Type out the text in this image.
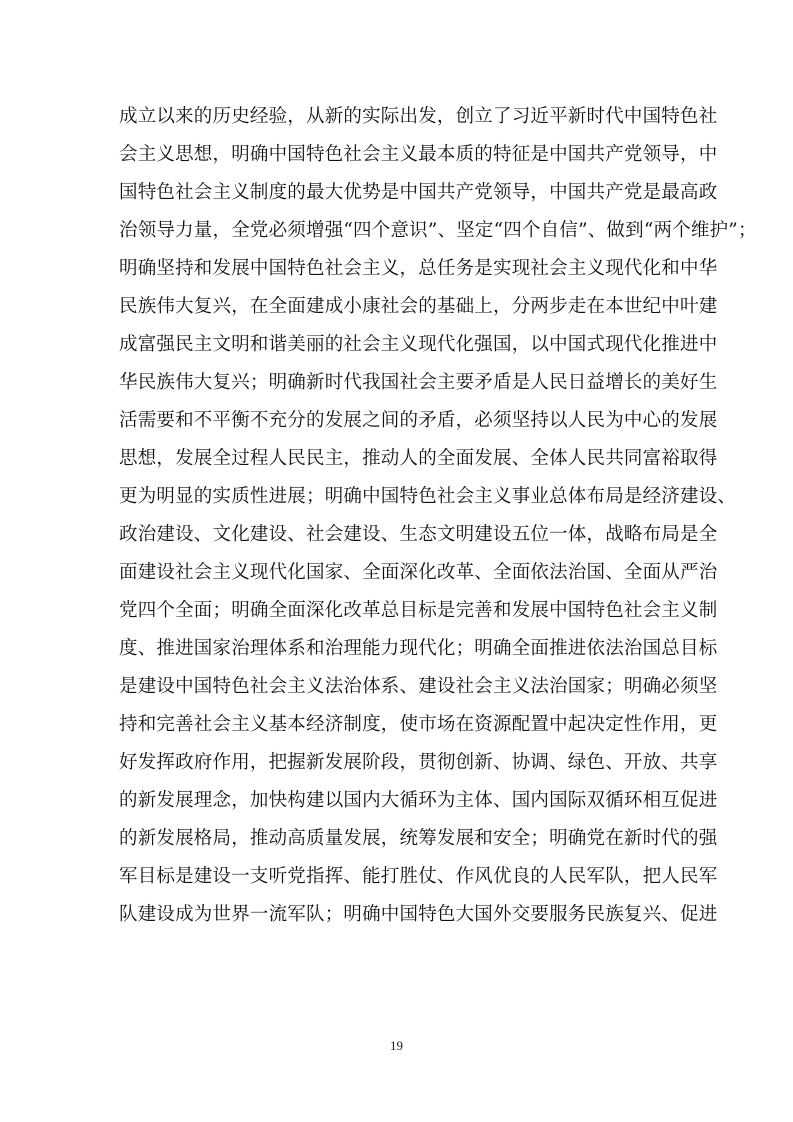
成立以来的历史经验，从新的实际出发，创立了习近平新时代中国特色社
会主义思想，明确中国特色社会主义最本质的特征是中国共产党领导，中
国特色社会主义制度的最大优势是中国共产党领导，中国共产党是最高政
治领导力量，全党必须增强“四个意识”、坚定“四个自信”、做到“两个维护”；
明确坚持和发展中国特色社会主义，总任务是实现社会主义现代化和中华
民族伟大复兴，在全面建成小康社会的基础上，分两步走在本世纪中叶建
成富强民主文明和谐美丽的社会主义现代化强国，以中国式现代化推进中
华民族伟大复兴；明确新时代我国社会主要矛盾是人民日益增长的美好生
活需要和不平衡不充分的发展之间的矛盾，必须坚持以人民为中心的发展
思想，发展全过程人民民主，推动人的全面发展、全体人民共同富裕取得
更为明显的实质性进展；明确中国特色社会主义事业总体布局是经济建设、
政治建设、文化建设、社会建设、生态文明建设五位一体，战略布局是全
面建设社会主义现代化国家、全面深化改革、全面依法治国、全面从严治
党四个全面；明确全面深化改革总目标是完善和发展中国特色社会主义制
度、推进国家治理体系和治理能力现代化；明确全面推进依法治国总目标
是建设中国特色社会主义法治体系、建设社会主义法治国家；明确必须坚
持和完善社会主义基本经济制度，使市场在资源配置中起决定性作用，更
好发挥政府作用，把握新发展阶段，贯彻创新、协调、绿色、开放、共享
的新发展理念，加快构建以国内大循环为主体、国内国际双循环相互促进
的新发展格局，推动高质量发展，统筹发展和安全；明确党在新时代的强
军目标是建设一支听党指挥、能打胜仗、作风优良的人民军队，把人民军
队建设成为世界一流军队；明确中国特色大国外交要服务民族复兴、促进
19
